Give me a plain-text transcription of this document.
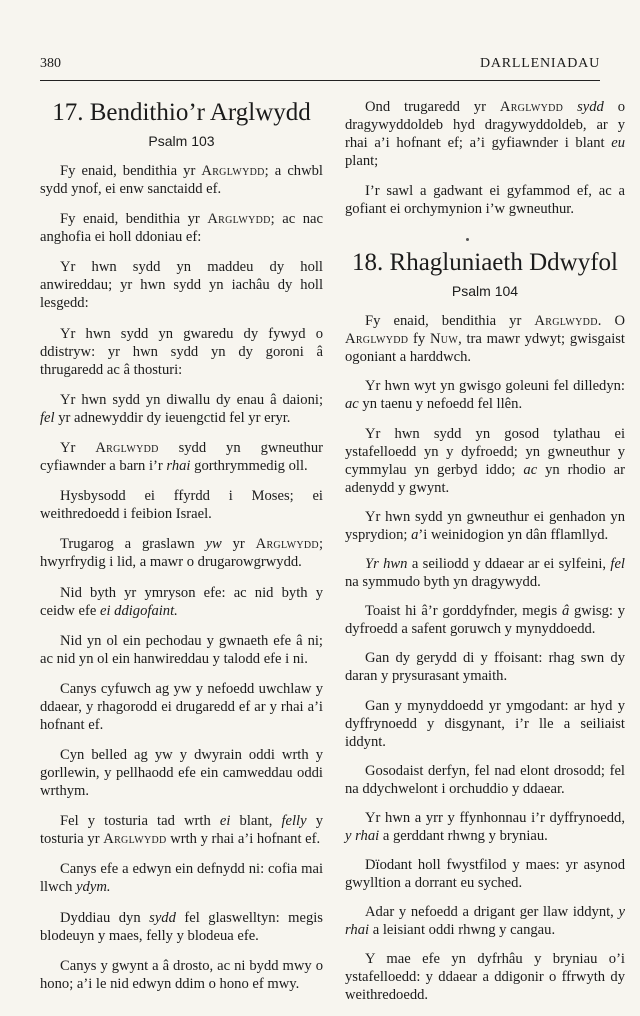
380	DARLLENIADAU
17. Bendithio’r Arglwydd
Psalm 103

Fy enaid, bendithia yr Arglwydd; a chwbl sydd ynof, ei enw sanctaidd ef.

Fy enaid, bendithia yr Arglwydd; ac nac anghofia ei holl ddoniau ef:

Yr hwn sydd yn maddeu dy holl anwireddau; yr hwn sydd yn iachâu dy holl lesgedd:

Yr hwn sydd yn gwaredu dy fywyd o ddistryw: yr hwn sydd yn dy goroni â thrugaredd ac â thosturi:

Yr hwn sydd yn diwallu dy enau â daioni; fel yr adnewyddir dy ieuengctid fel yr eryr.

Yr Arglwydd sydd yn gwneuthur cyfiawnder a barn i’r rhai gorthrymmedig oll.

Hysbysodd ei ffyrdd i Moses; ei weithredoedd i feibion Israel.

Trugarog a graslawn yw yr Arglwydd; hwyrfrydig i lid, a mawr o drugarowgrwydd.

Nid byth yr ymryson efe: ac nid byth y ceidw efe ei ddigofaint.

Nid yn ol ein pechodau y gwnaeth efe â ni; ac nid yn ol ein hanwireddau y talodd efe i ni.

Canys cyfuwch ag yw y nefoedd uwchlaw y ddaear, y rhagorodd ei drugaredd ef ar y rhai a’i hofnant ef.

Cyn belled ag yw y dwyrain oddi wrth y gorllewin, y pellhaodd efe ein camweddau oddi wrthym.

Fel y tosturia tad wrth ei blant, felly y tosturia yr Arglwydd wrth y rhai a’i hofnant ef.

Canys efe a edwyn ein defnydd ni: cofia mai llwch ydym.

Dyddiau dyn sydd fel glaswelltyn: megis blodeuyn y maes, felly y blodeua efe.

Canys y gwynt a â drosto, ac ni bydd mwy o hono; a’i le nid edwyn ddim o hono ef mwy.

Ond trugaredd yr Arglwydd sydd o dragywyddoldeb hyd dragywyddoldeb, ar y rhai a’i hofnant ef; a’i gyfiawnder i blant eu plant;

I’r sawl a gadwant ei gyfammod ef, ac a gofiant ei orchymynion i’w gwneuthur.

18. Rhagluniaeth Ddwyfol
Psalm 104

Fy enaid, bendithia yr Arglwydd. O Arglwydd fy Nuw, tra mawr ydwyt; gwisgaist ogoniant a harddwch.

Yr hwn wyt yn gwisgo goleuni fel dilledyn: ac yn taenu y nefoedd fel llên.

Yr hwn sydd yn gosod tylathau ei ystafelloedd yn y dyfroedd; yn gwneuthur y cymmylau yn gerbyd iddo; ac yn rhodio ar adenydd y gwynt.

Yr hwn sydd yn gwneuthur ei genhadon yn ysprydion; a’i weinidogion yn dân fflamllyd.

Yr hwn a seiliodd y ddaear ar ei sylfeini, fel na symmudo byth yn dragywydd.

Toaist hi â’r gorddyfnder, megis â gwisg: y dyfroedd a safent goruwch y mynyddoedd.

Gan dy gerydd di y ffoisant: rhag swn dy daran y prysurasant ymaith.

Gan y mynyddoedd yr ymgodant: ar hyd y dyffrynoedd y disgynant, i’r lle a seiliaist iddynt.

Gosodaist derfyn, fel nad elont drosodd; fel na ddychwelont i orchuddio y ddaear.

Yr hwn a yrr y ffynhonnau i’r dyffrynoedd, y rhai a gerddant rhwng y bryniau.

Dïodant holl fwystfilod y maes: yr asynod gwylltion a dorrant eu syched.

Adar y nefoedd a drigant ger llaw iddynt, y rhai a leisiant oddi rhwng y cangau.

Y mae efe yn dyfrhâu y bryniau o’i ystafelloedd: y ddaear a ddigonir o ffrwyth dy weithredoedd.
